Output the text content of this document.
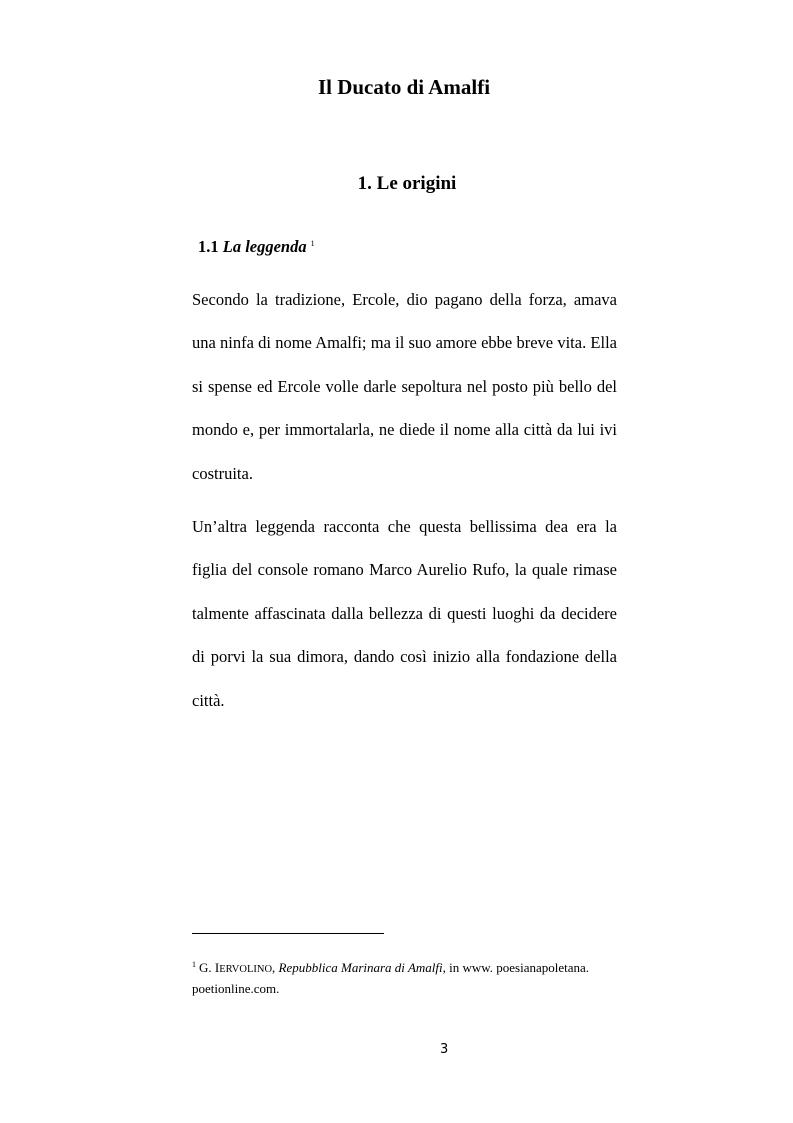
Il Ducato di Amalfi
1. Le origini
1.1 La leggenda $^1$

Secondo la tradizione, Ercole, dio pagano della forza, amava una ninfa di nome Amalfi; ma il suo amore ebbe breve vita. Ella si spense ed Ercole volle darle sepoltura nel posto più bello del mondo e, per immortalarla, ne diede il nome alla città da lui ivi costruita.

Un’altra leggenda racconta che questa bellissima dea era la figlia del console romano Marco Aurelio Rufo, la quale rimase talmente affascinata dalla bellezza di questi luoghi da decidere di porvi la sua dimora, dando così inizio alla fondazione della città.

$^1$ G. IERVOLINO, Repubblica Marinara di Amalfi, in www. poesianapoletana. poetionline.com.
3
